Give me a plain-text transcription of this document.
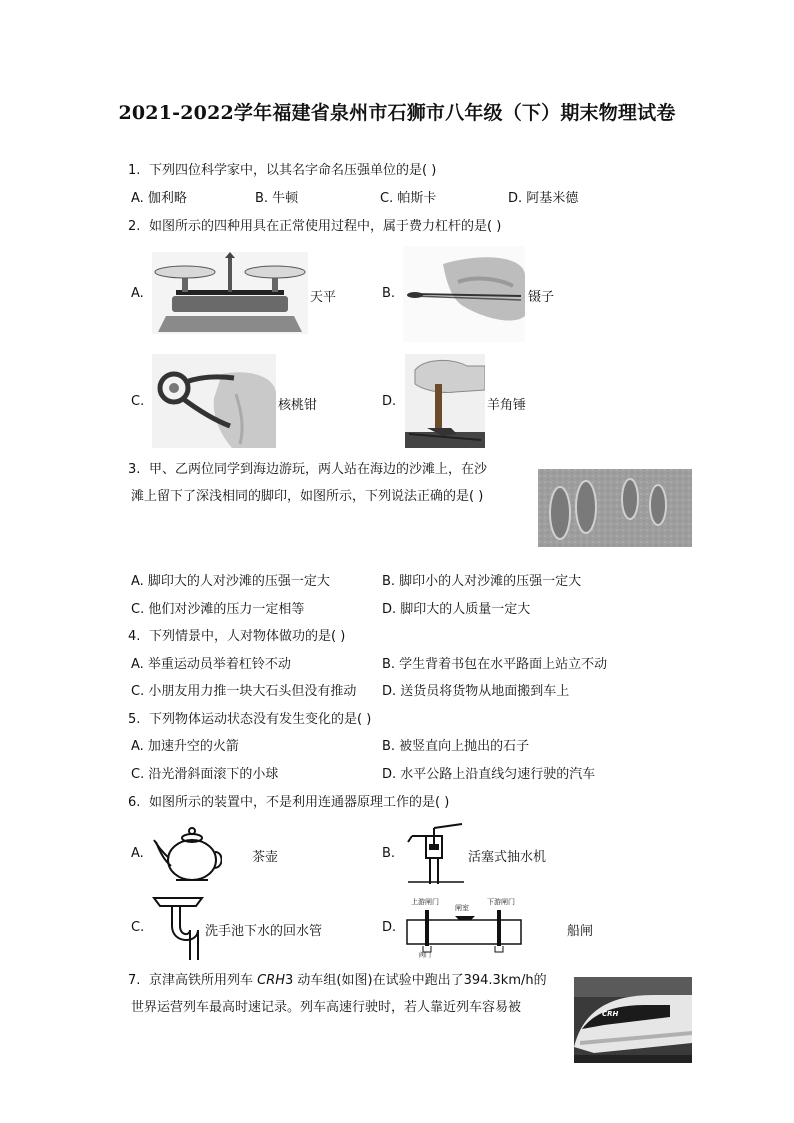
2021-2022学年福建省泉州市石狮市八年级（下）期末物理试卷
1. 下列四位科学家中，以其名字命名压强单位的是( )
A. 伽利略	B. 牛顿	C. 帕斯卡	D. 阿基米德
2. 如图所示的四种用具在正常使用过程中，属于费力杠杆的是( )
A.	天平	B.	镊子
C.	核桃钳	D.	羊角锤
3. 甲、乙两位同学到海边游玩，两人站在海边的沙滩上，在沙
滩上留下了深浅相同的脚印，如图所示，下列说法正确的是( )
A. 脚印大的人对沙滩的压强一定大	B. 脚印小的人对沙滩的压强一定大
C. 他们对沙滩的压力一定相等	D. 脚印大的人质量一定大
4. 下列情景中，人对物体做功的是( )
A. 举重运动员举着杠铃不动	B. 学生背着书包在水平路面上站立不动
C. 小朋友用力推一块大石头但没有推动 D. 送货员将货物从地面搬到车上
5. 下列物体运动状态没有发生变化的是( )
A. 加速升空的火箭	B. 被竖直向上抛出的石子
C. 沿光滑斜面滚下的小球	D. 水平公路上沿直线匀速行驶的汽车
6. 如图所示的装置中，不是利用连通器原理工作的是( )
A.	茶壶	B.	活塞式抽水机
C.	洗手池下水的回水管	D.
上游闸门
闸室
下游闸门
阀门
船闸
7. 京津高铁所用列车 CRH3 动车组(如图)在试验中跑出了394.3km/h的
世界运营列车最高时速记录。列车高速行驶时，若人靠近列车容易被	CRH
